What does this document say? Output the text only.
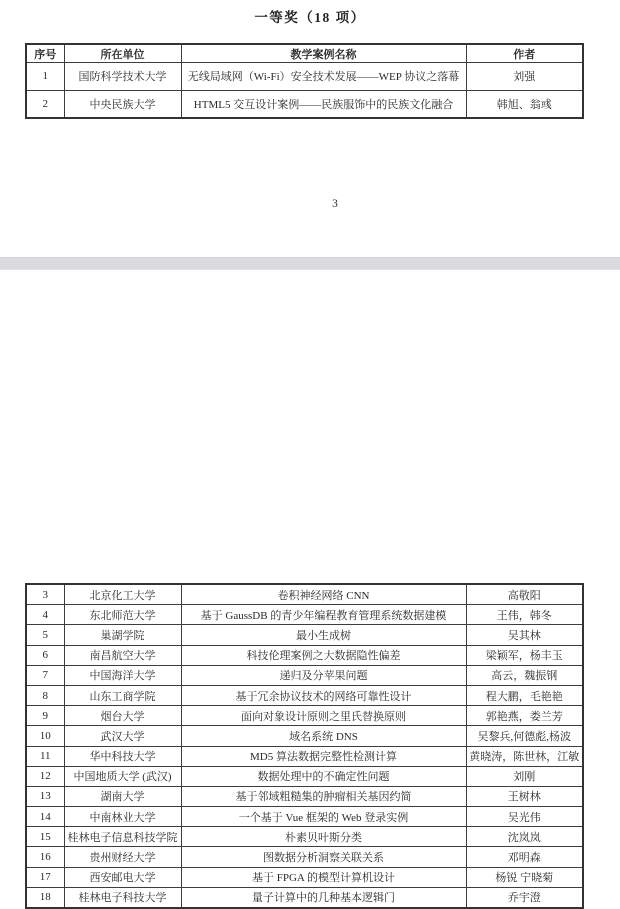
一等奖（18 项）
序号	所在单位	教学案例名称	作者
1	国防科学技术大学	无线局域网（Wi-Fi）安全技术发展——WEP 协议之落幕	刘强
2	中央民族大学	HTML5 交互设计案例——民族服饰中的民族文化融合	韩旭、翁彧
3
3	北京化工大学	卷积神经网络 CNN	高敬阳
4	东北师范大学	基于 GaussDB 的青少年编程教育管理系统数据建模	王伟，韩冬
5	巢湖学院	最小生成树	吴其林
6	南昌航空大学	科技伦理案例之大数据隐性偏差	梁颖军，杨丰玉
7	中国海洋大学	递归及分苹果问题	高云，魏振钢
8	山东工商学院	基于冗余协议技术的网络可靠性设计	程大鹏，毛艳艳
9	烟台大学	面向对象设计原则之里氏替换原则	郭艳燕，娄兰芳
10	武汉大学	域名系统 DNS	吴黎兵,何德彪,杨波
11	华中科技大学	MD5 算法数据完整性检测计算	黄晓涛，陈世林，江敏
12	中国地质大学 (武汉)	数据处理中的不确定性问题	刘刚
13	湖南大学	基于邻域粗糙集的肿瘤相关基因约简	王树林
14	中南林业大学	一个基于 Vue 框架的 Web 登录实例	吴光伟
15	桂林电子信息科技学院	朴素贝叶斯分类	沈岚岚
16	贵州财经大学	图数据分析洞察关联关系	邓明森
17	西安邮电大学	基于 FPGA 的模型计算机设计	杨锐 宁晓菊
18	桂林电子科技大学	量子计算中的几种基本逻辑门	乔宇澄
